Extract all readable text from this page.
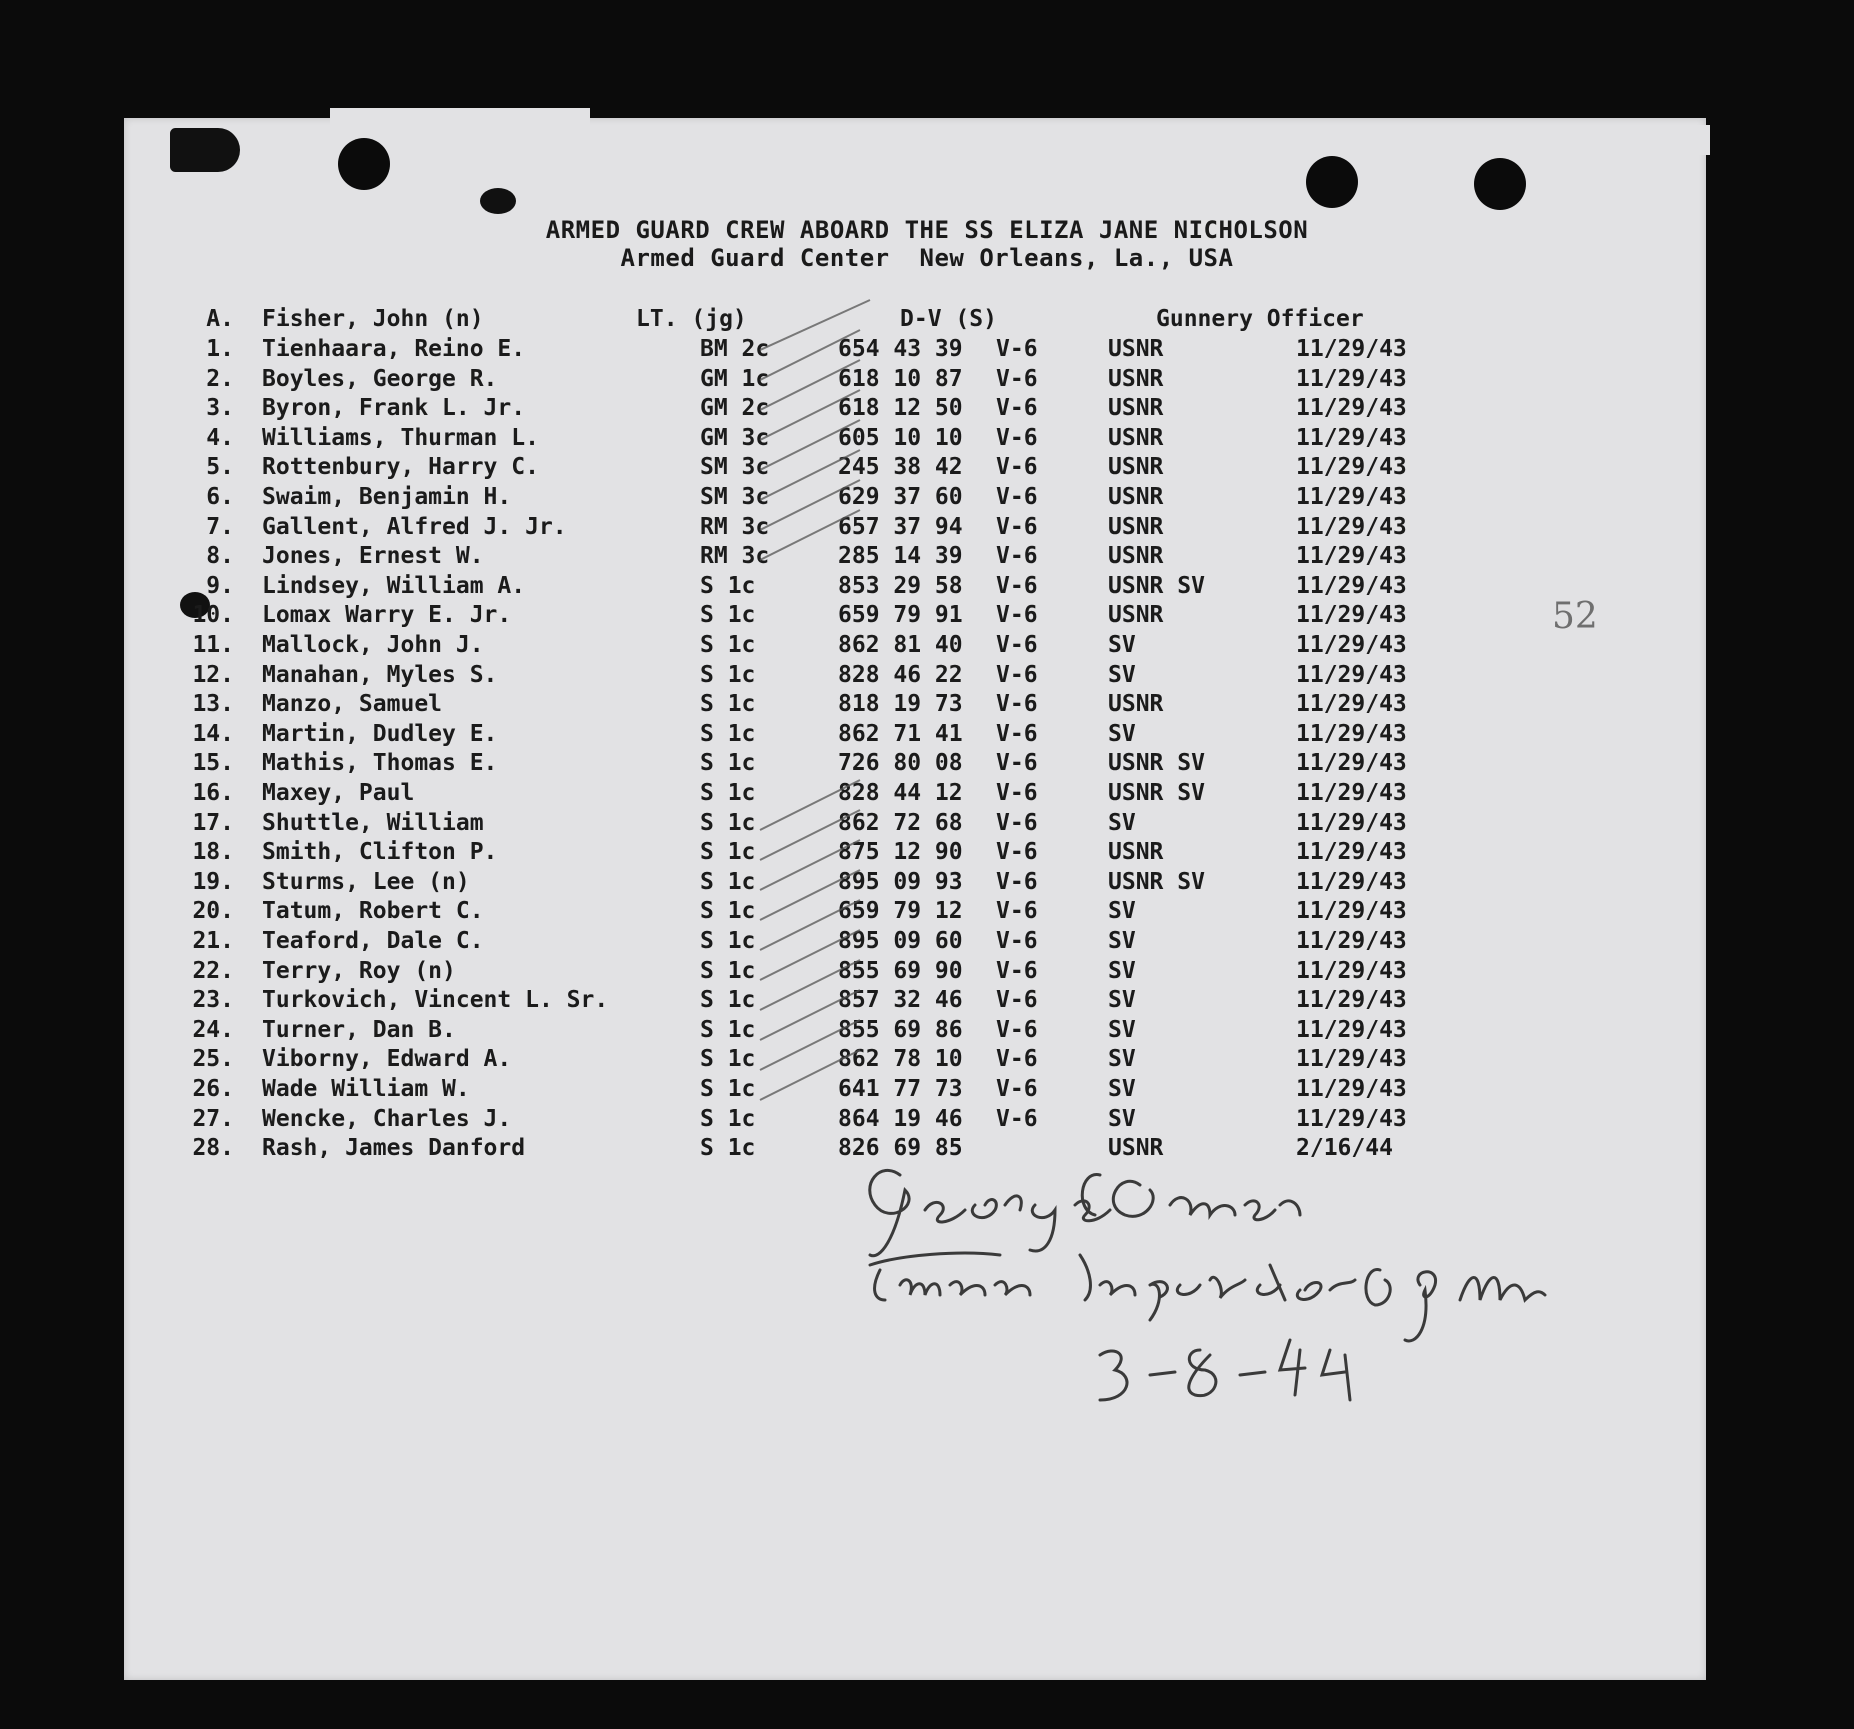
ARMED GUARD CREW ABOARD THE SS ELIZA JANE NICHOLSON
Armed Guard Center  New Orleans, La., USA
A. Fisher, John (n)	LT. (jg)	D-V (S)	Gunnery Officer
1. Tienhaara, Reino E.	BM 2c	654 43 39 V-6	USNR	11/29/43
2. Boyles, George R.	GM 1c	618 10 87 V-6	USNR	11/29/43
3. Byron, Frank L. Jr.	GM 2c	618 12 50 V-6	USNR	11/29/43
4. Williams, Thurman L.	GM 3c	605 10 10 V-6	USNR	11/29/43
5. Rottenbury, Harry C.	SM 3c	245 38 42 V-6	USNR	11/29/43
6. Swaim, Benjamin H.	SM 3c	629 37 60 V-6	USNR	11/29/43
7. Gallent, Alfred J. Jr.	RM 3c	657 37 94 V-6	USNR	11/29/43
8. Jones, Ernest W.	RM 3c	285 14 39 V-6	USNR	11/29/43
9. Lindsey, William A.	S 1c	853 29 58 V-6	USNR SV	11/29/43
10. Lomax Warry E. Jr.	S 1c	659 79 91 V-6	USNR	11/29/43
11. Mallock, John J.	S 1c	862 81 40 V-6	SV	11/29/43
12. Manahan, Myles S.	S 1c	828 46 22 V-6	SV	11/29/43
13. Manzo, Samuel	S 1c	818 19 73 V-6	USNR	11/29/43
14. Martin, Dudley E.	S 1c	862 71 41 V-6	SV	11/29/43
15. Mathis, Thomas E.	S 1c	726 80 08 V-6	USNR SV	11/29/43
16. Maxey, Paul	S 1c	828 44 12 V-6	USNR SV	11/29/43
17. Shuttle, William	S 1c	862 72 68 V-6	SV	11/29/43
18. Smith, Clifton P.	S 1c	875 12 90 V-6	USNR	11/29/43
19. Sturms, Lee (n)	S 1c	895 09 93 V-6	USNR SV	11/29/43
20. Tatum, Robert C.	S 1c	659 79 12 V-6	SV	11/29/43
21. Teaford, Dale C.	S 1c	895 09 60 V-6	SV	11/29/43
22. Terry, Roy (n)	S 1c	855 69 90 V-6	SV	11/29/43
23. Turkovich, Vincent L. Sr.	S 1c	857 32 46 V-6	SV	11/29/43
24. Turner, Dan B.	S 1c	855 69 86 V-6	SV	11/29/43
25. Viborny, Edward A.	S 1c	862 78 10 V-6	SV	11/29/43
26. Wade William W.	S 1c	641 77 73 V-6	SV	11/29/43
27. Wencke, Charles J.	S 1c	864 19 46 V-6	SV	11/29/43
28. Rash, James Danford	S 1c	826 69 85	USNR	2/16/44
52
